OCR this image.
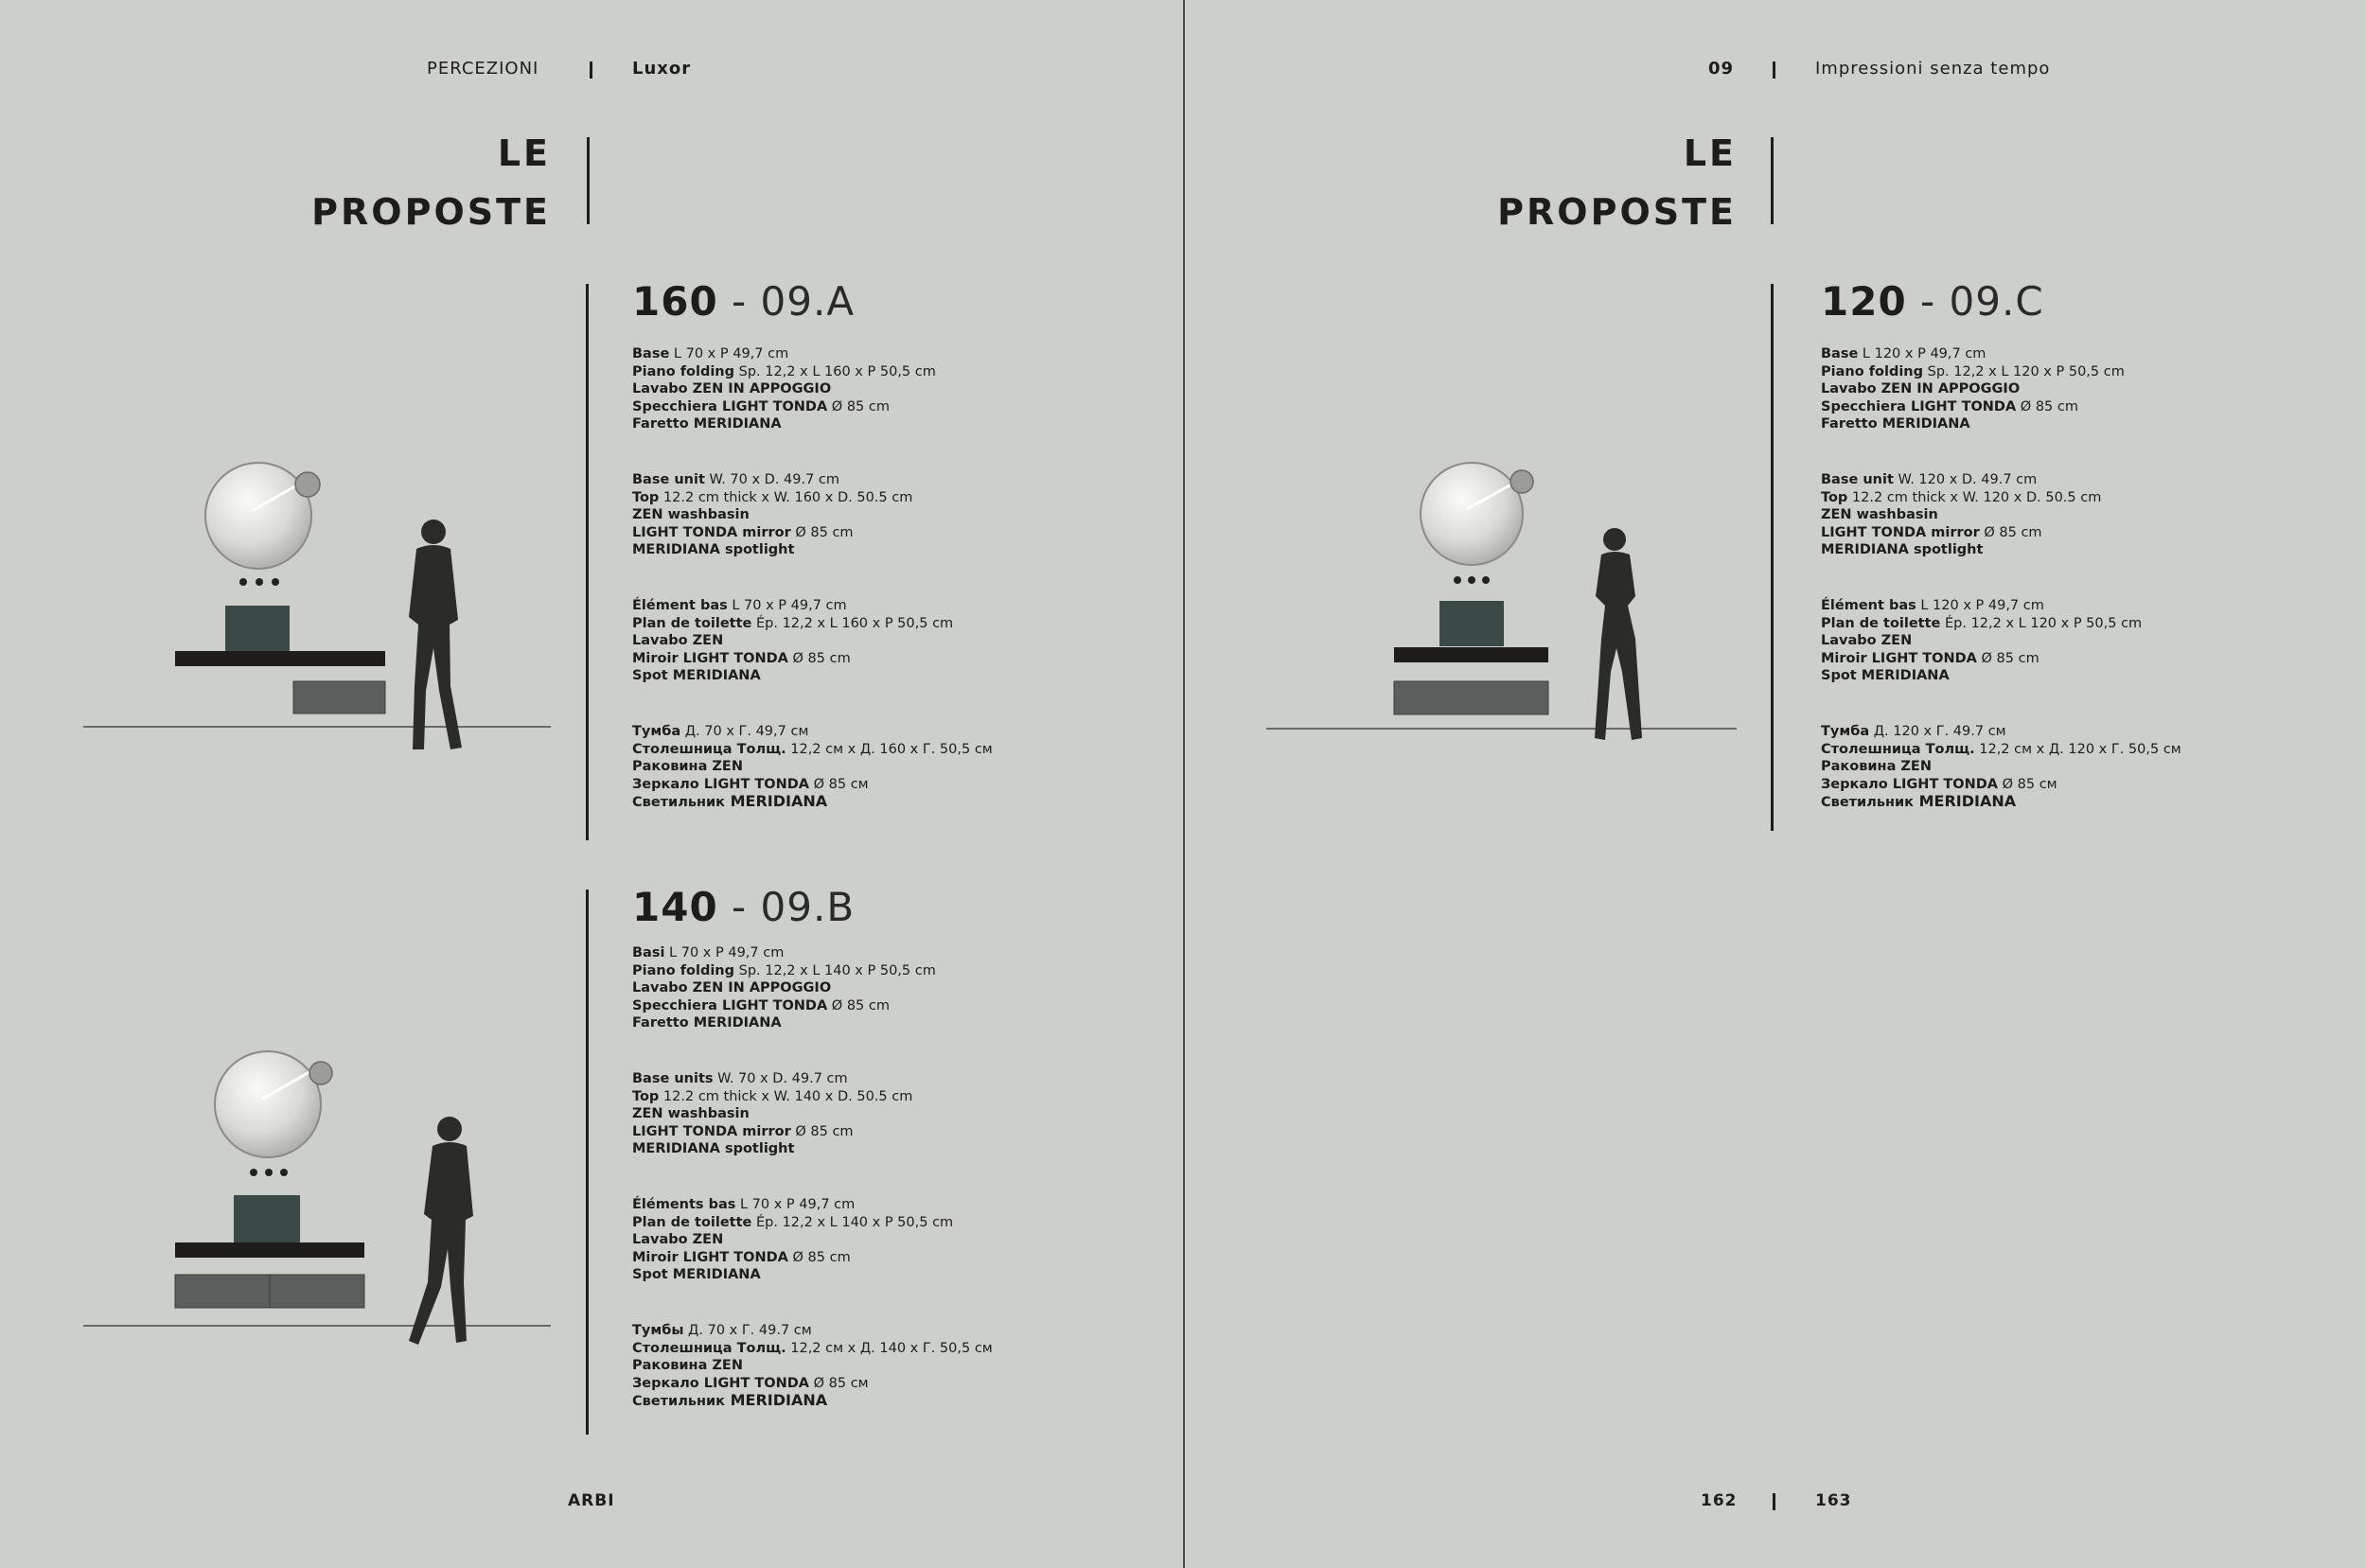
PERCEZIONI	Luxor
LE
PROPOSTE
160 - 09.A
Base L 70 x P 49,7 cm
Piano folding Sp. 12,2 x L 160 x P 50,5 cm
Lavabo ZEN IN APPOGGIO
Specchiera LIGHT TONDA Ø 85 cm
Faretto MERIDIANA
Base unit W. 70 x D. 49.7 cm
Top 12.2 cm thick x W. 160 x D. 50.5 cm
ZEN washbasin
LIGHT TONDA mirror Ø 85 cm
MERIDIANA spotlight
Élément bas L 70 x P 49,7 cm
Plan de toilette Ép. 12,2 x L 160 x P 50,5 cm
Lavabo ZEN
Miroir LIGHT TONDA Ø 85 cm
Spot MERIDIANA
Тумба Д. 70 x Г. 49,7 см
Столешница Толщ. 12,2 см x Д. 160 x Г. 50,5 см
Раковина ZEN
Зеркало LIGHT TONDA Ø 85 см
Светильник MERIDIANA
140 - 09.B
Basi L 70 x P 49,7 cm
Piano folding Sp. 12,2 x L 140 x P 50,5 cm
Lavabo ZEN IN APPOGGIO
Specchiera LIGHT TONDA Ø 85 cm
Faretto MERIDIANA
Base units W. 70 x D. 49.7 cm
Top 12.2 cm thick x W. 140 x D. 50.5 cm
ZEN washbasin
LIGHT TONDA mirror Ø 85 cm
MERIDIANA spotlight
Éléments bas L 70 x P 49,7 cm
Plan de toilette Ép. 12,2 x L 140 x P 50,5 cm
Lavabo ZEN
Miroir LIGHT TONDA Ø 85 cm
Spot MERIDIANA
Тумбы Д. 70 x Г. 49.7 см
Столешница Толщ. 12,2 см x Д. 140 x Г. 50,5 см
Раковина ZEN
Зеркало LIGHT TONDA Ø 85 см
Светильник MERIDIANA
ARBI
09	Impressioni senza tempo
LE
PROPOSTE
120 - 09.C
Base L 120 x P 49,7 cm
Piano folding Sp. 12,2 x L 120 x P 50,5 cm
Lavabo ZEN IN APPOGGIO
Specchiera LIGHT TONDA Ø 85 cm
Faretto MERIDIANA
Base unit W. 120 x D. 49.7 cm
Top 12.2 cm thick x W. 120 x D. 50.5 cm
ZEN washbasin
LIGHT TONDA mirror Ø 85 cm
MERIDIANA spotlight
Élément bas L 120 x P 49,7 cm
Plan de toilette Ép. 12,2 x L 120 x P 50,5 cm
Lavabo ZEN
Miroir LIGHT TONDA Ø 85 cm
Spot MERIDIANA
Тумба Д. 120 x Г. 49.7 см
Столешница Толщ. 12,2 см x Д. 120 x Г. 50,5 см
Раковина ZEN
Зеркало LIGHT TONDA Ø 85 см
Светильник MERIDIANA
162	163
